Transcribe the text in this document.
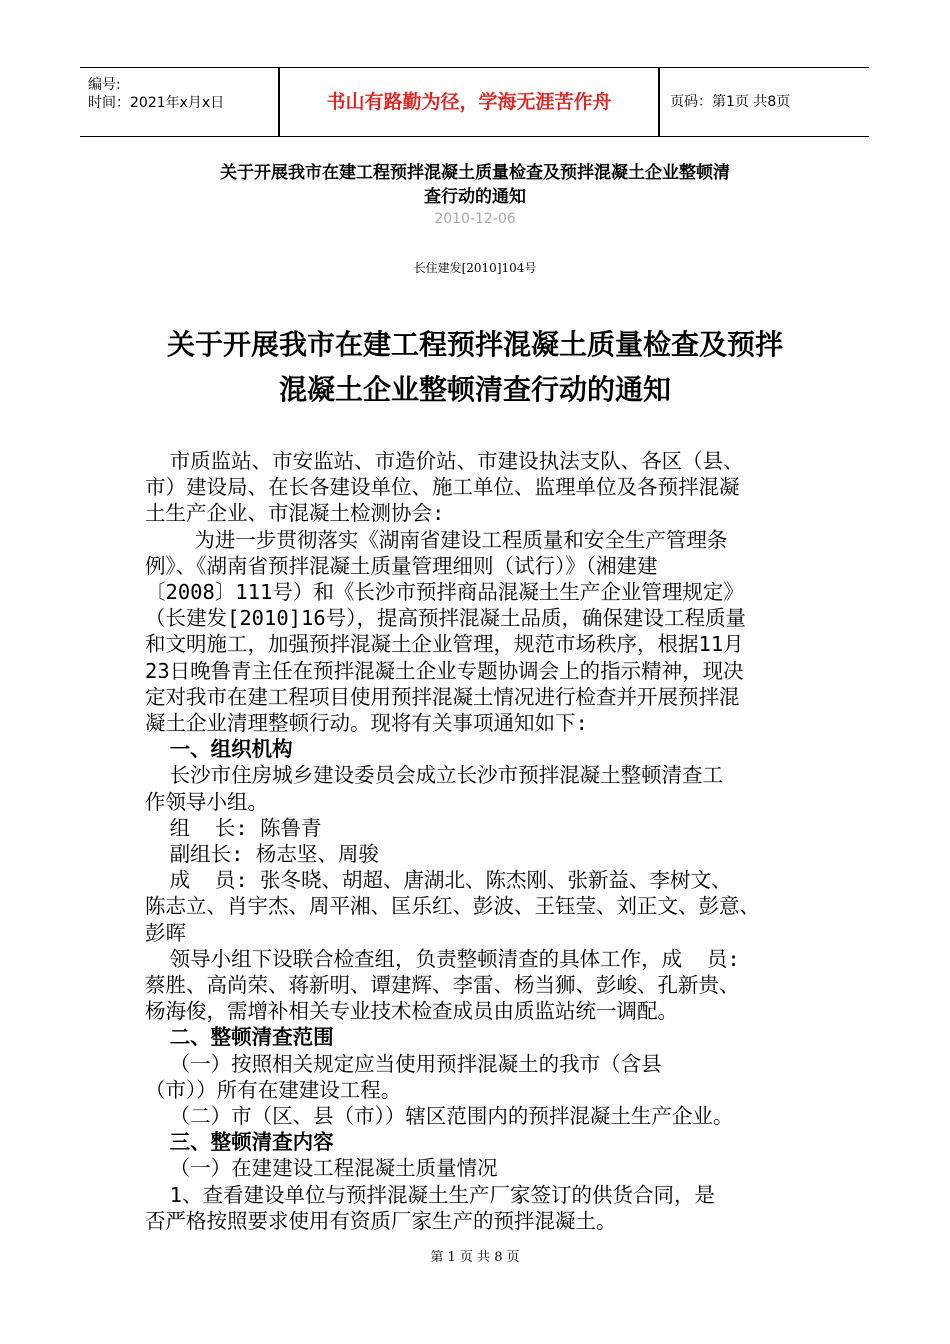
编号:
时间：2021年x月x日	书山有路勤为径，学海无涯苦作舟	页码：第1页 共8页
关于开展我市在建工程预拌混凝土质量检查及预拌混凝土企业整顿清
查行动的通知
2010-12-06
长住建发[2010]104号
关于开展我市在建工程预拌混凝土质量检查及预拌
混凝土企业整顿清查行动的通知

市质监站、市安监站、市造价站、市建设执法支队、各区（县、

市）建设局、在长各建设单位、施工单位、监理单位及各预拌混凝

土生产企业、市混凝土检测协会:

为进一步贯彻落实《湖南省建设工程质量和安全生产管理条

例》、《湖南省预拌混凝土质量管理细则（试行）》（湘建建

〔2008〕111号）和《长沙市预拌商品混凝土生产企业管理规定》

（长建发[2010]16号），提高预拌混凝土品质，确保建设工程质量

和文明施工，加强预拌混凝土企业管理，规范市场秩序，根据11月

23日晚鲁青主任在预拌混凝土企业专题协调会上的指示精神，现决

定对我市在建工程项目使用预拌混凝土情况进行检查并开展预拌混

凝土企业清理整顿行动。现将有关事项通知如下:

一、组织机构

长沙市住房城乡建设委员会成立长沙市预拌混凝土整顿清查工

作领导小组。

组  长: 陈鲁青

副组长: 杨志坚、周骏

成  员: 张冬晓、胡超、唐湖北、陈杰刚、张新益、李树文、

陈志立、肖宇杰、周平湘、匡乐红、彭波、王钰莹、刘正文、彭意、

彭晖

领导小组下设联合检查组，负责整顿清查的具体工作，成  员:

蔡胜、高尚荣、蒋新明、谭建辉、李雷、杨当狮、彭峻、孔新贵、

杨海俊，需增补相关专业技术检查成员由质监站统一调配。

二、整顿清查范围

（一）按照相关规定应当使用预拌混凝土的我市（含县

（市））所有在建建设工程。

（二）市（区、县（市））辖区范围内的预拌混凝土生产企业。

三、整顿清查内容

（一）在建建设工程混凝土质量情况

1、查看建设单位与预拌混凝土生产厂家签订的供货合同，是

否严格按照要求使用有资质厂家生产的预拌混凝土。

第 1 页 共 8 页
